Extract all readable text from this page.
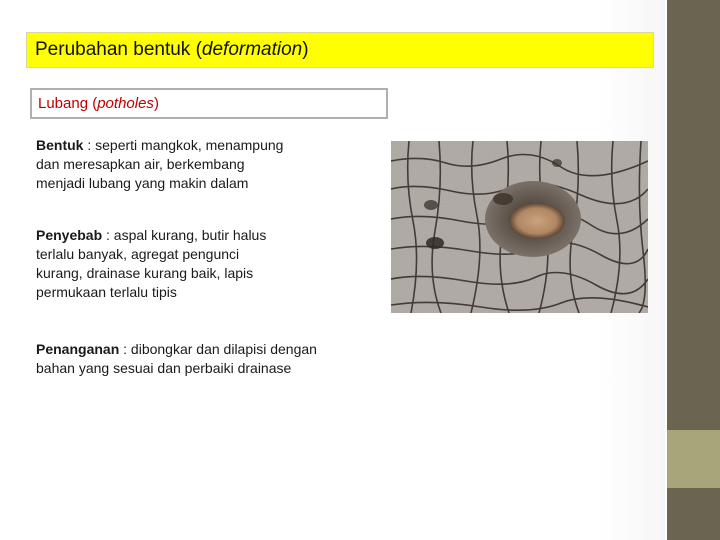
Perubahan bentuk (deformation)
Lubang (potholes)
Bentuk : seperti mangkok, menampung
dan meresapkan air, berkembang
menjadi lubang yang makin dalam
Penyebab : aspal kurang, butir halus
terlalu banyak, agregat pengunci
kurang, drainase kurang baik, lapis
permukaan terlalu tipis
Penanganan : dibongkar dan dilapisi dengan
bahan yang sesuai dan perbaiki drainase
